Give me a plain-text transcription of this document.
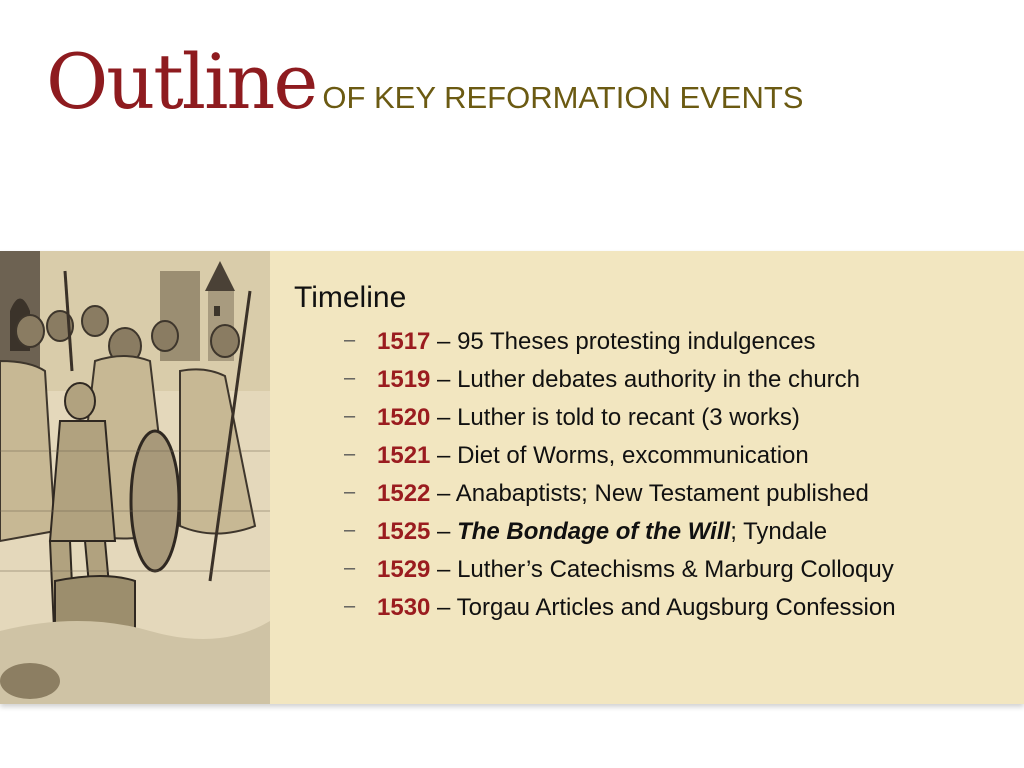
Outline OF KEY REFORMATION EVENTS
Timeline
– 1517 – 95 Theses protesting indulgences
– 1519 – Luther debates authority in the church
– 1520 – Luther is told to recant (3 works)
– 1521 – Diet of Worms, excommunication
– 1522 – Anabaptists; New Testament published
– 1525 – The Bondage of the Will; Tyndale
– 1529 – Luther’s Catechisms & Marburg Colloquy
– 1530 – Torgau Articles and Augsburg Confession
